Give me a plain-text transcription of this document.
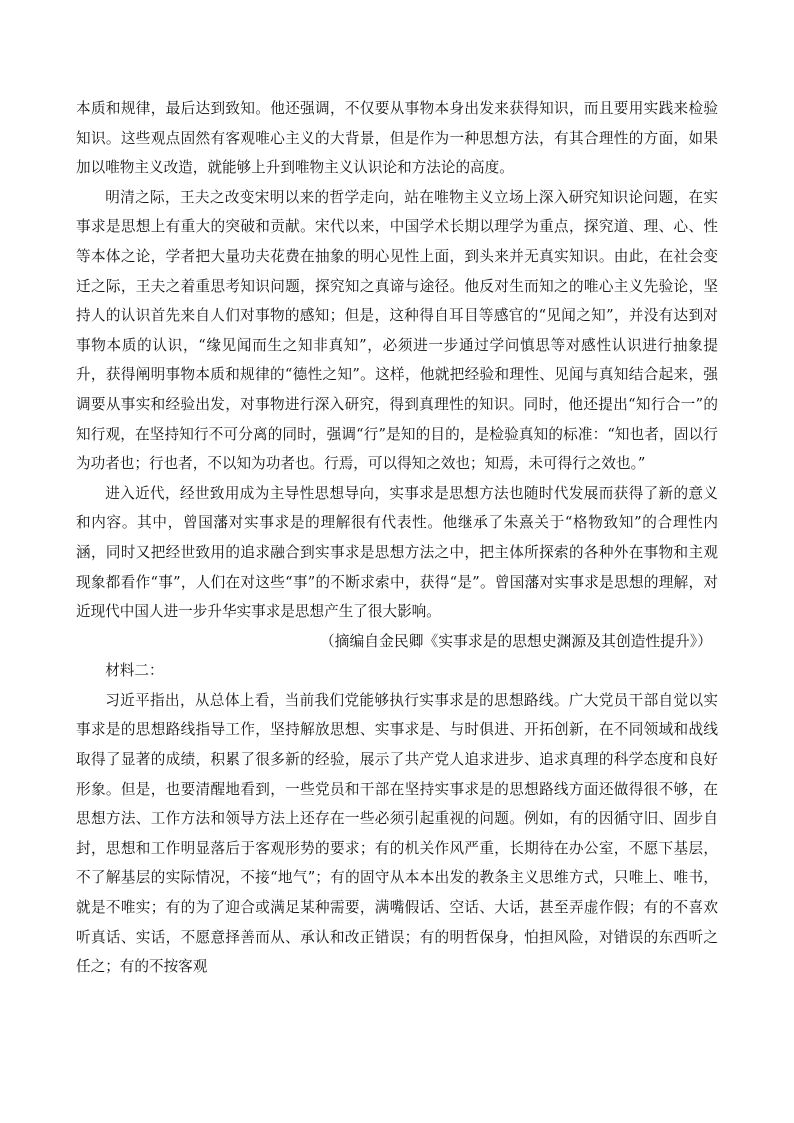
本质和规律，最后达到致知。他还强调，不仅要从事物本身出发来获得知识，而且要用实践来检验知识。这些观点固然有客观唯心主义的大背景，但是作为一种思想方法，有其合理性的方面，如果加以唯物主义改造，就能够上升到唯物主义认识论和方法论的高度。

明清之际，王夫之改变宋明以来的哲学走向，站在唯物主义立场上深入研究知识论问题，在实事求是思想上有重大的突破和贡献。宋代以来，中国学术长期以理学为重点，探究道、理、心、性等本体之论，学者把大量功夫花费在抽象的明心见性上面，到头来并无真实知识。由此，在社会变迁之际，王夫之着重思考知识问题，探究知之真谛与途径。他反对生而知之的唯心主义先验论，坚持人的认识首先来自人们对事物的感知；但是，这种得自耳目等感官的“见闻之知”，并没有达到对事物本质的认识，“缘见闻而生之知非真知”，必须进一步通过学问慎思等对感性认识进行抽象提升，获得阐明事物本质和规律的“德性之知”。这样，他就把经验和理性、见闻与真知结合起来，强调要从事实和经验出发，对事物进行深入研究，得到真理性的知识。同时，他还提出“知行合一”的知行观，在坚持知行不可分离的同时，强调“行”是知的目的，是检验真知的标准：“知也者，固以行为功者也；行也者，不以知为功者也。行焉，可以得知之效也；知焉，未可得行之效也。”

进入近代，经世致用成为主导性思想导向，实事求是思想方法也随时代发展而获得了新的意义和内容。其中，曾国藩对实事求是的理解很有代表性。他继承了朱熹关于“格物致知”的合理性内涵，同时又把经世致用的追求融合到实事求是思想方法之中，把主体所探索的各种外在事物和主观现象都看作“事”，人们在对这些“事”的不断求索中，获得“是”。曾国藩对实事求是思想的理解，对近现代中国人进一步升华实事求是思想产生了很大影响。

（摘编自金民卿《实事求是的思想史渊源及其创造性提升》）

材料二：

习近平指出，从总体上看，当前我们党能够执行实事求是的思想路线。广大党员干部自觉以实事求是的思想路线指导工作，坚持解放思想、实事求是、与时俱进、开拓创新，在不同领域和战线取得了显著的成绩，积累了很多新的经验，展示了共产党人追求进步、追求真理的科学态度和良好形象。但是，也要清醒地看到，一些党员和干部在坚持实事求是的思想路线方面还做得很不够，在思想方法、工作方法和领导方法上还存在一些必须引起重视的问题。例如，有的因循守旧、固步自封，思想和工作明显落后于客观形势的要求；有的机关作风严重，长期待在办公室，不愿下基层，不了解基层的实际情况，不接“地气”；有的固守从本本出发的教条主义思维方式，只唯上、唯书，就是不唯实；有的为了迎合或满足某种需要，满嘴假话、空话、大话，甚至弄虚作假；有的不喜欢听真话、实话，不愿意择善而从、承认和改正错误；有的明哲保身，怕担风险，对错误的东西听之任之；有的不按客观
